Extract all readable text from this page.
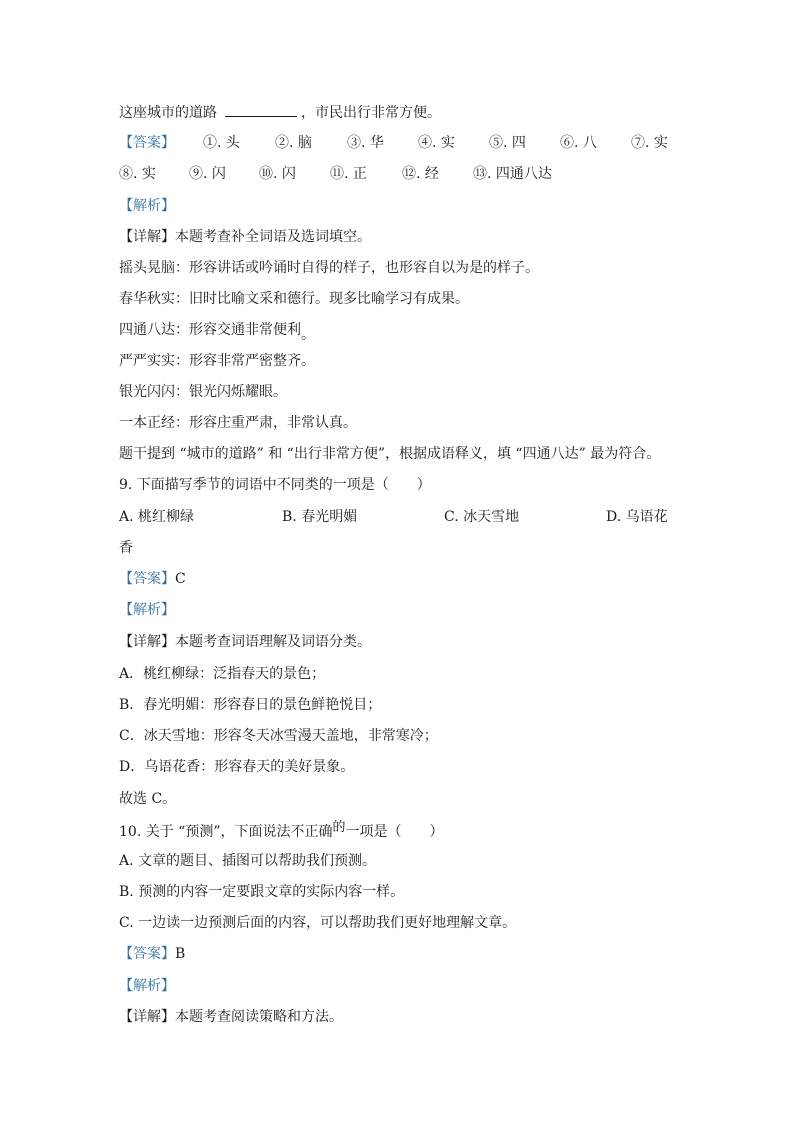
这座城市的道路	，市民出行非常方便。
【答案】 ①. 头	②. 脑	③. 华 ④. 实 ⑤. 四 ⑥. 八 ⑦. 实
⑧. 实 ⑨. 闪 ⑩. 闪 ⑪. 正	⑫. 经 ⑬. 四通八达
【解析】
【详解】本题考查补全词语及选词填空。
摇头晃脑：形容讲话或吟诵时自得的样子，也形容自以为是的样子。
春华秋实：旧时比喻文采和德行。现多比喻学习有成果。
四通八达：形容交通非常便利。
严严实实：形容非常严密整齐。
银光闪闪：银光闪烁耀眼。
一本正经：形容庄重严肃，非常认真。
题干提到 “城市的道路” 和 “出行非常方便”，根据成语释义，填 “四通八达” 最为符合。
9. 下面描写季节的词语中不同类的一项是（　　）
A. 桃红柳绿	B. 春光明媚	C. 冰天雪地	D. 乌语花
香
【答案】C
【解析】
【详解】本题考查词语理解及词语分类。
A．桃红柳绿：泛指春天的景色；
B．春光明媚：形容春日的景色鲜艳悦目；
C．冰天雪地：形容冬天冰雪漫天盖地，非常寒冷；
D．乌语花香：形容春天的美好景象。
故选 C。
10. 关于 “预测”，下面说法不正确的一项是（　　）
A. 文章的题目、插图可以帮助我们预测。
B. 预测的内容一定要跟文章的实际内容一样。
C. 一边读一边预测后面的内容，可以帮助我们更好地理解文章。
【答案】B
【解析】
【详解】本题考查阅读策略和方法。
